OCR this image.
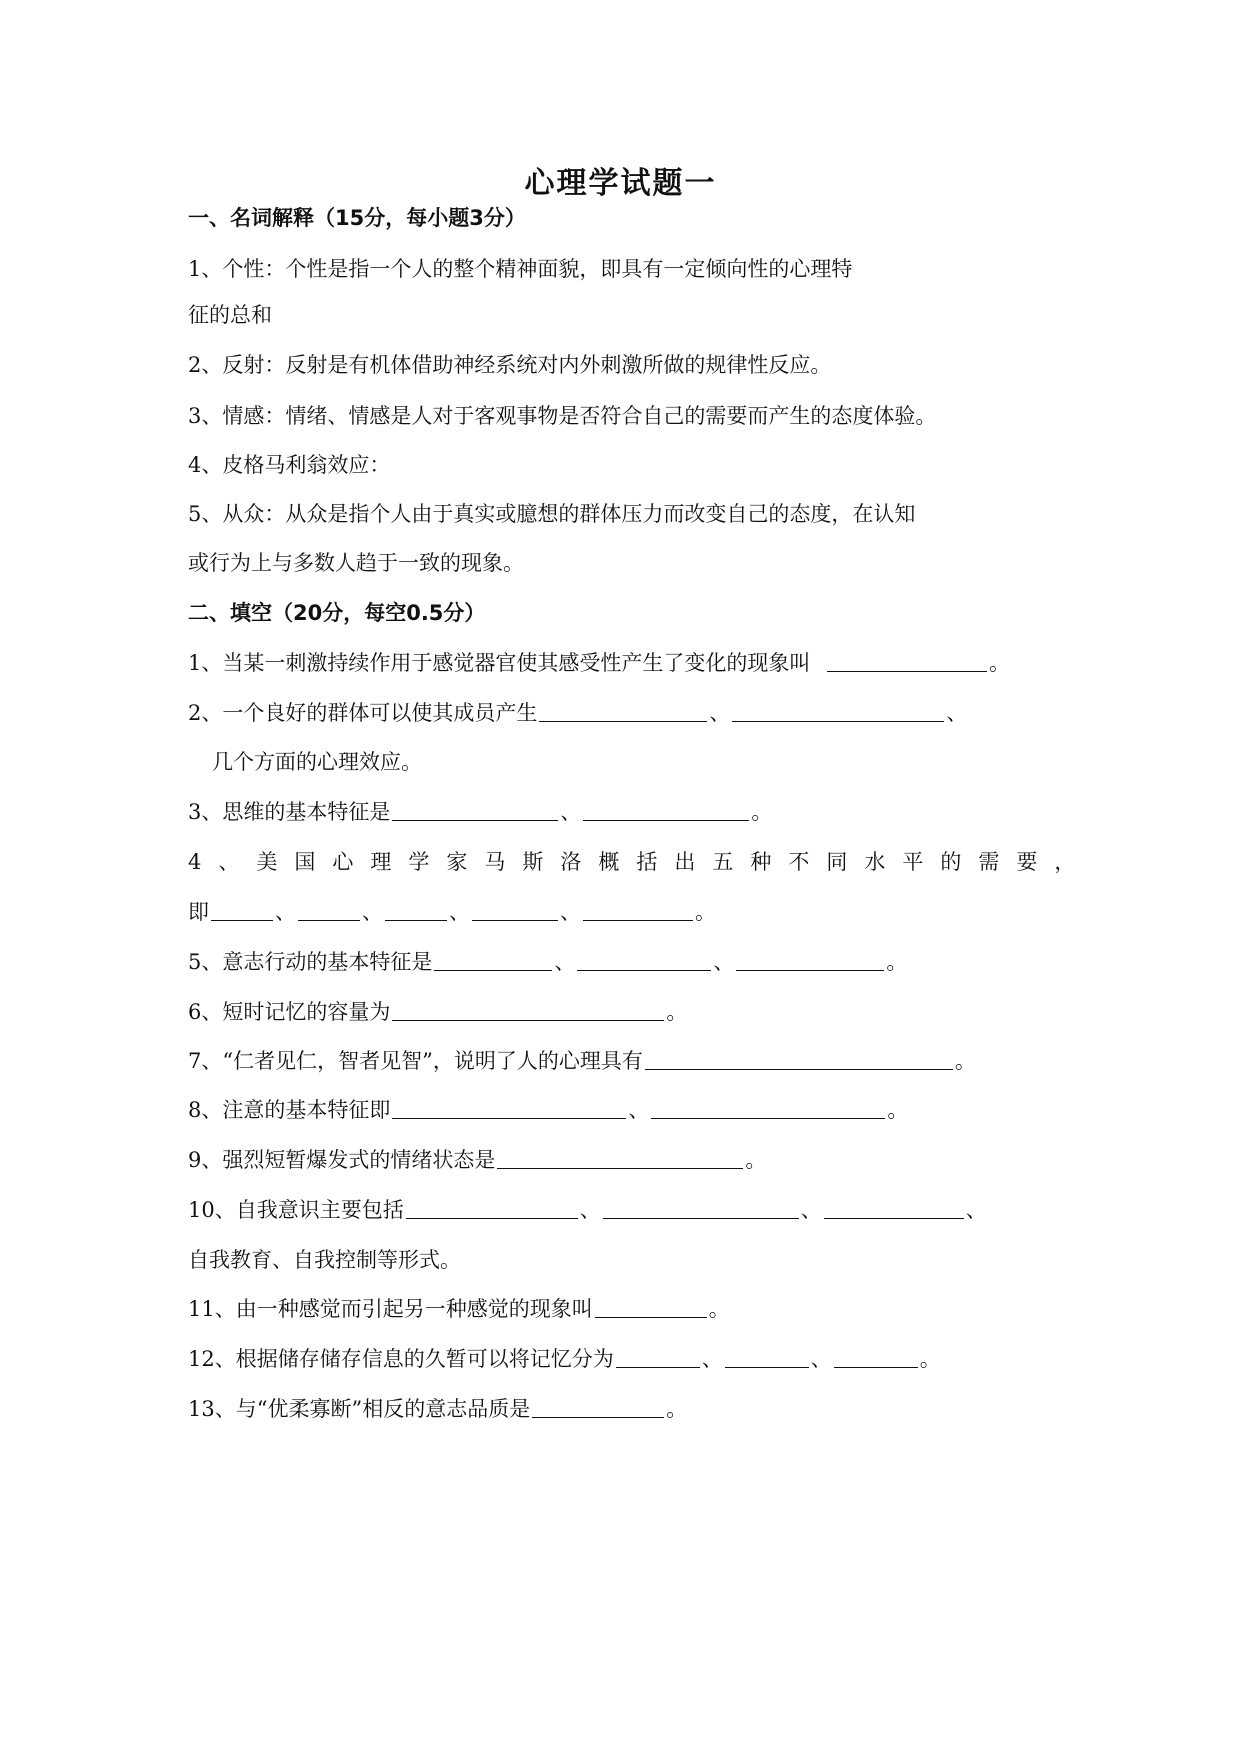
心理学试题一
一、名词解释（15分，每小题3分）
1、个性：个性是指一个人的整个精神面貌，即具有一定倾向性的心理特
征的总和
2、反射：反射是有机体借助神经系统对内外刺激所做的规律性反应。
3、情感：情绪、情感是人对于客观事物是否符合自己的需要而产生的态度体验。
4、皮格马利翁效应：
5、从众：从众是指个人由于真实或臆想的群体压力而改变自己的态度，在认知
或行为上与多数人趋于一致的现象。
二、填空（20分，每空0.5分）
1、当某一刺激持续作用于感觉器官使其感受性产生了变化的现象叫	。
2、一个良好的群体可以使其成员产生	、	、
几个方面的心理效应。
3、思维的基本特征是	、	。
4、美国心理学家马斯洛概括出五种不同水平的需要，
即	、	、	、	、	。
5、意志行动的基本特征是	、	、	。
6、短时记忆的容量为	。
7、“仁者见仁，智者见智”，说明了人的心理具有	。
8、注意的基本特征即	、	。
9、强烈短暂爆发式的情绪状态是	。
10、自我意识主要包括	、	、	、
自我教育、自我控制等形式。
11、由一种感觉而引起另一种感觉的现象叫	。
12、根据储存储存信息的久暂可以将记忆分为	、	、	。
13、与“优柔寡断”相反的意志品质是	。
